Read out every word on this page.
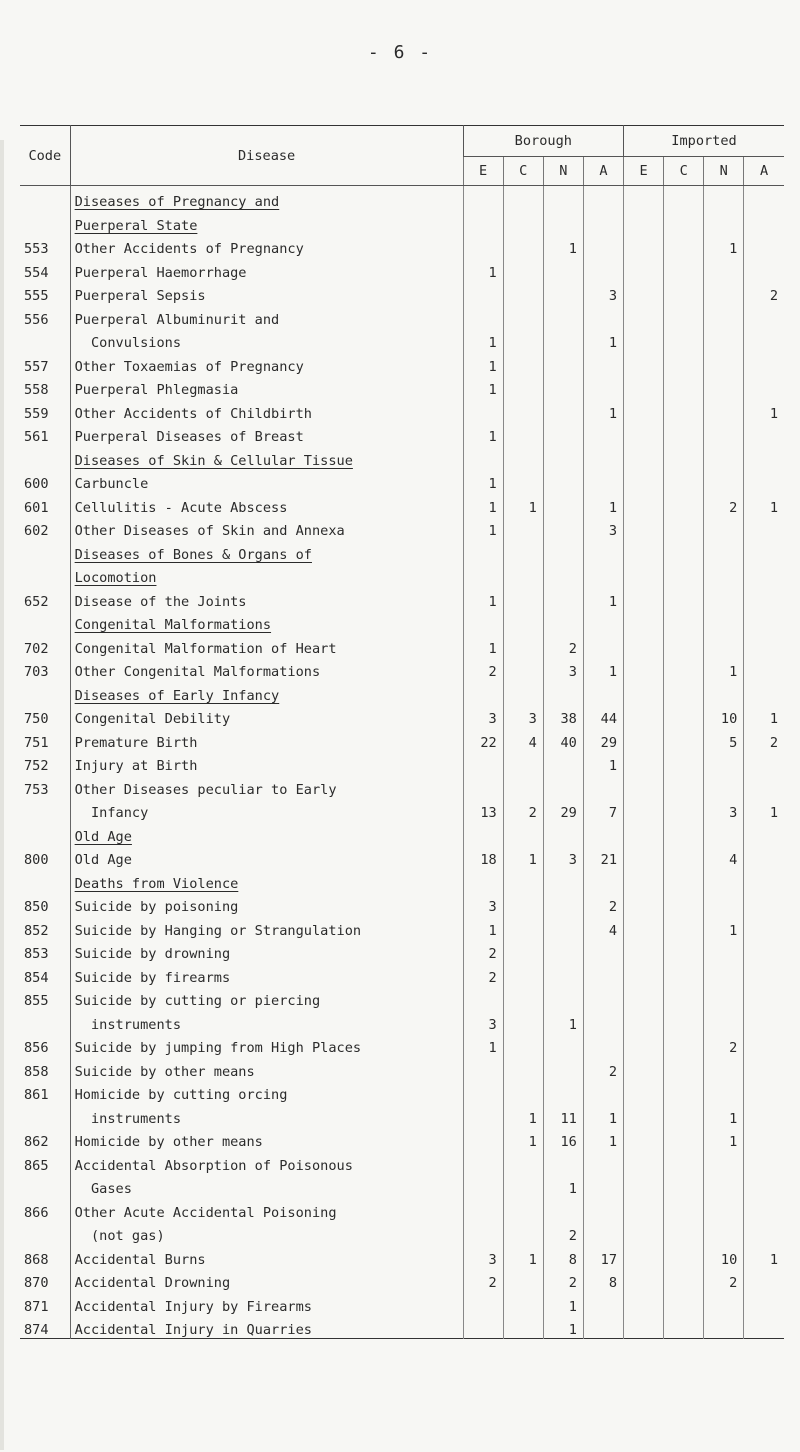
- 6 -
Code	Disease	Borough				Imported			
		E	C	N	A	E	C	N	A
	Diseases of Pregnancy and								
	Puerperal State								
553	Other Accidents of Pregnancy			1				1	
554	Puerperal Haemorrhage	1							
555	Puerperal Sepsis				3				2
556	Puerperal Albuminurit and								
	Convulsions	1			1				
557	Other Toxaemias of Pregnancy	1							
558	Puerperal Phlegmasia	1							
559	Other Accidents of Childbirth				1				1
561	Puerperal Diseases of Breast	1							
	Diseases of Skin & Cellular Tissue								
600	Carbuncle	1							
601	Cellulitis - Acute Abscess	1	1		1			2	1
602	Other Diseases of Skin and Annexa	1			3				
	Diseases of Bones & Organs of								
	Locomotion								
652	Disease of the Joints	1			1				
	Congenital Malformations								
702	Congenital Malformation of Heart	1		2					
703	Other Congenital Malformations	2		3	1			1	
	Diseases of Early Infancy								
750	Congenital Debility	3	3	38	44			10	1
751	Premature Birth	22	4	40	29			5	2
752	Injury at Birth				1				
753	Other Diseases peculiar to Early								
	Infancy	13	2	29	7			3	1
	Old Age								
800	Old Age	18	1	3	21			4	
	Deaths from Violence								
850	Suicide by poisoning	3			2				
852	Suicide by Hanging or Strangulation	1			4			1	
853	Suicide by drowning	2							
854	Suicide by firearms	2							
855	Suicide by cutting or piercing								
	instruments	3		1					
856	Suicide by jumping from High Places	1						2	
858	Suicide by other means				2				
861	Homicide by cutting orcing								
	instruments		1	11	1			1	
862	Homicide by other means		1	16	1			1	
865	Accidental Absorption of Poisonous								
	Gases			1					
866	Other Acute Accidental Poisoning								
	(not gas)			2					
868	Accidental Burns	3	1	8	17			10	1
870	Accidental Drowning	2		2	8			2	
871	Accidental Injury by Firearms			1					
874	Accidental Injury in Quarries			1					
